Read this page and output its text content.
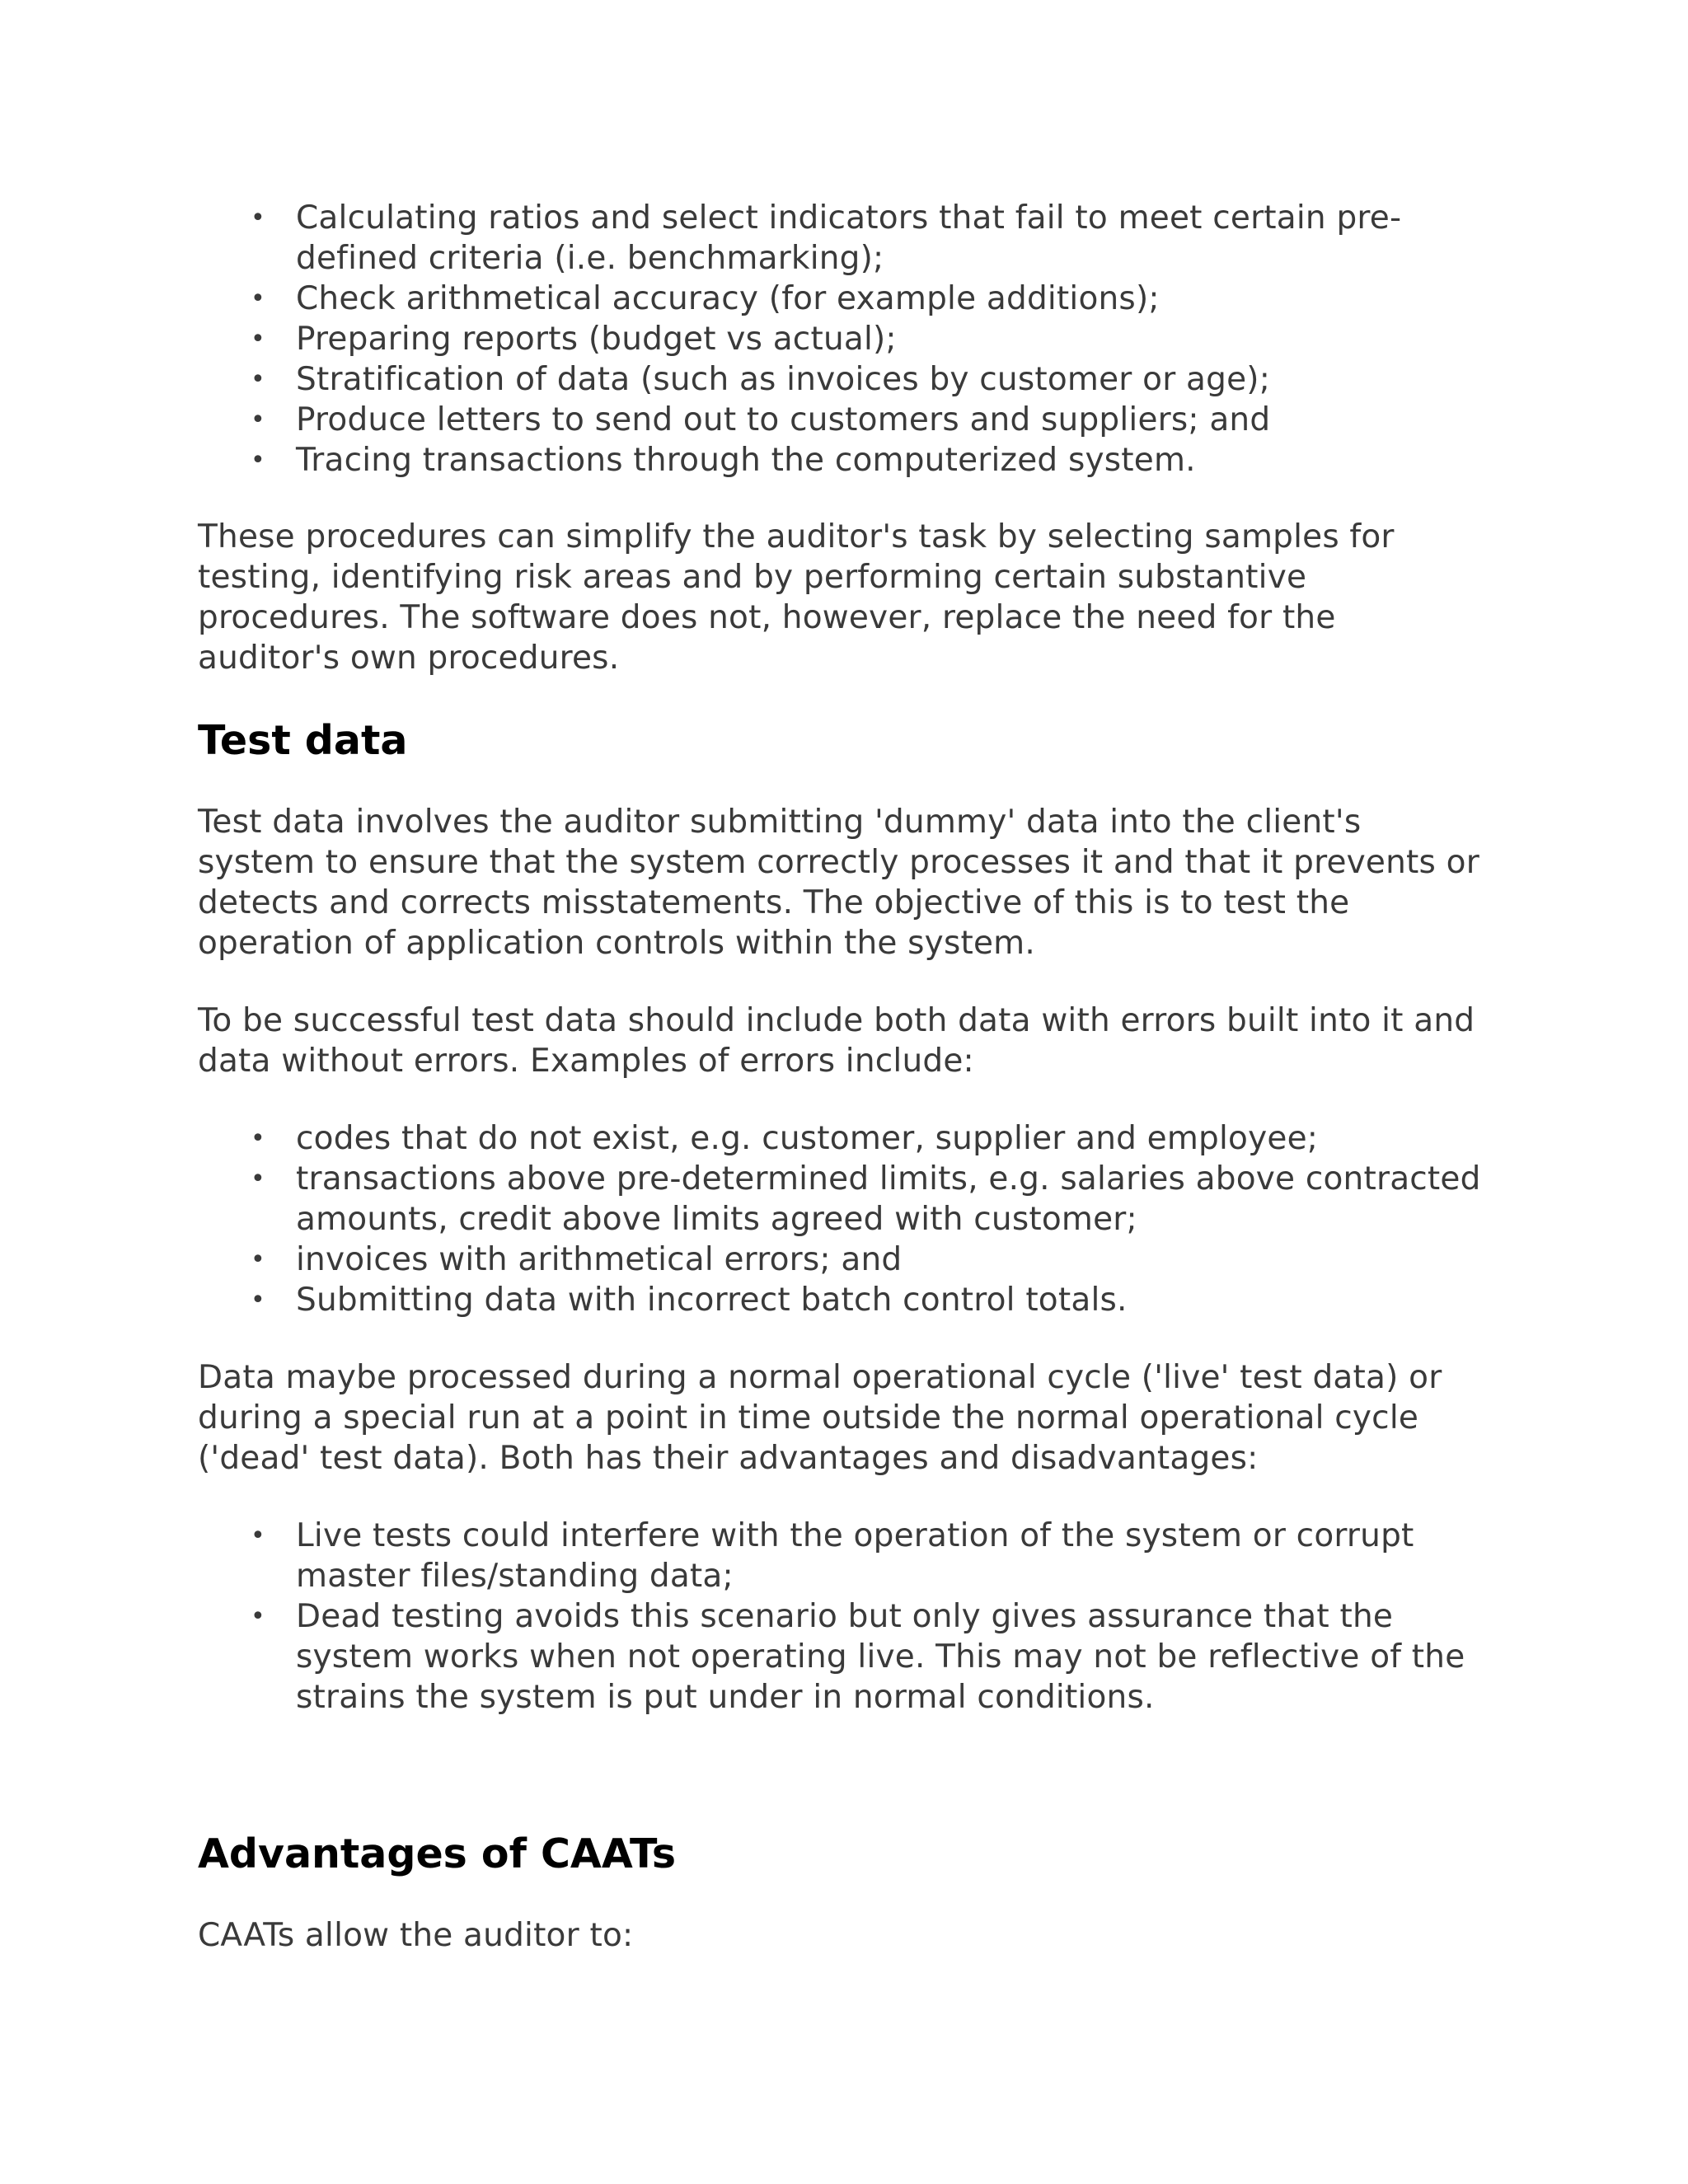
• Calculating ratios and select indicators that fail to meet certain pre-defined criteria (i.e. benchmarking);
• Check arithmetical accuracy (for example additions);
• Preparing reports (budget vs actual);
• Stratification of data (such as invoices by customer or age);
• Produce letters to send out to customers and suppliers; and
• Tracing transactions through the computerized system.

These procedures can simplify the auditor's task by selecting samples for testing, identifying risk areas and by performing certain substantive procedures. The software does not, however, replace the need for the auditor's own procedures.

Test data

Test data involves the auditor submitting 'dummy' data into the client's system to ensure that the system correctly processes it and that it prevents or detects and corrects misstatements. The objective of this is to test the operation of application controls within the system.

To be successful test data should include both data with errors built into it and data without errors. Examples of errors include:

• codes that do not exist, e.g. customer, supplier and employee;
• transactions above pre-determined limits, e.g. salaries above contracted amounts, credit above limits agreed with customer;
• invoices with arithmetical errors; and
• Submitting data with incorrect batch control totals.

Data maybe processed during a normal operational cycle ('live' test data) or during a special run at a point in time outside the normal operational cycle ('dead' test data). Both has their advantages and disadvantages:

• Live tests could interfere with the operation of the system or corrupt master files/standing data;
• Dead testing avoids this scenario but only gives assurance that the system works when not operating live. This may not be reflective of the strains the system is put under in normal conditions.
Advantages of CAATs

CAATs allow the auditor to:
